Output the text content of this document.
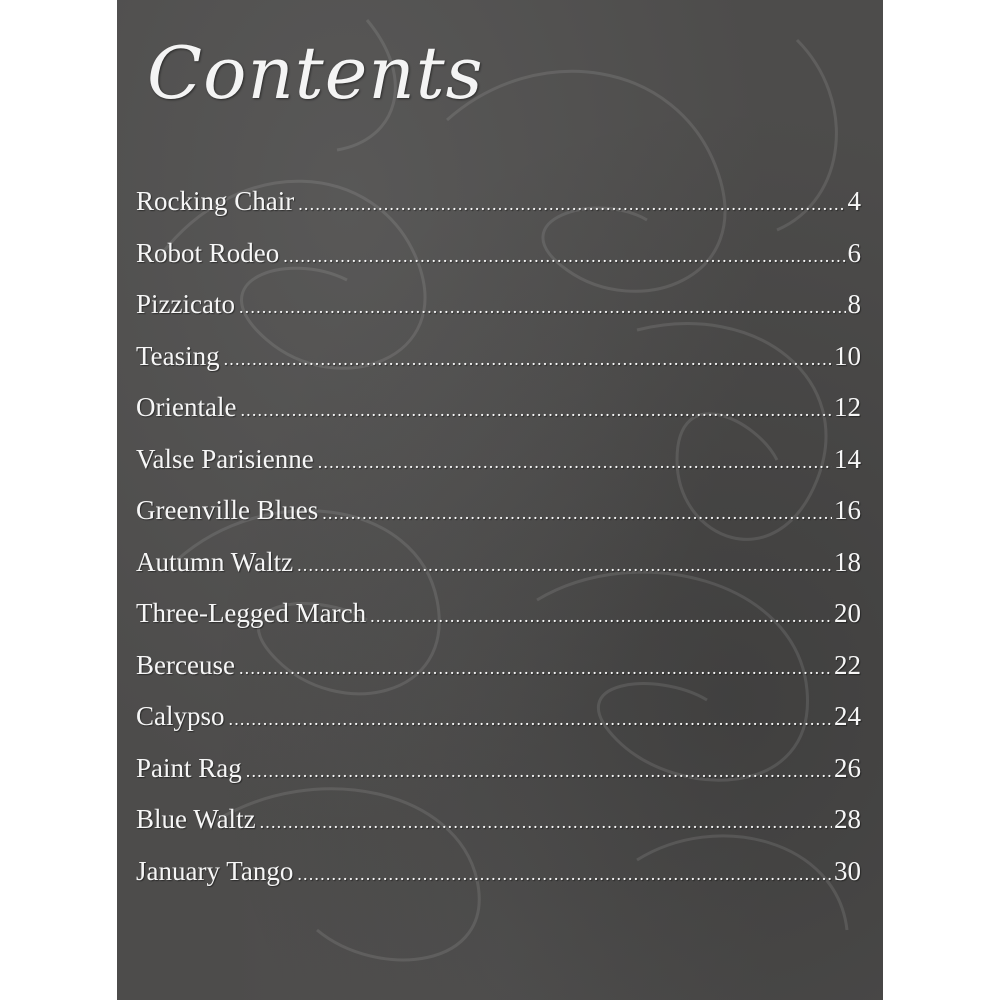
Contents
Rocking Chair .....	4
Robot Rodeo .....	6
Pizzicato .....	8
Teasing .....	10
Orientale .....	12
Valse Parisienne .....	14
Greenville Blues .....	16
Autumn Waltz .....	18
Three-Legged March .....	20
Berceuse .....	22
Calypso .....	24
Paint Rag .....	26
Blue Waltz .....	28
January Tango .....	30
